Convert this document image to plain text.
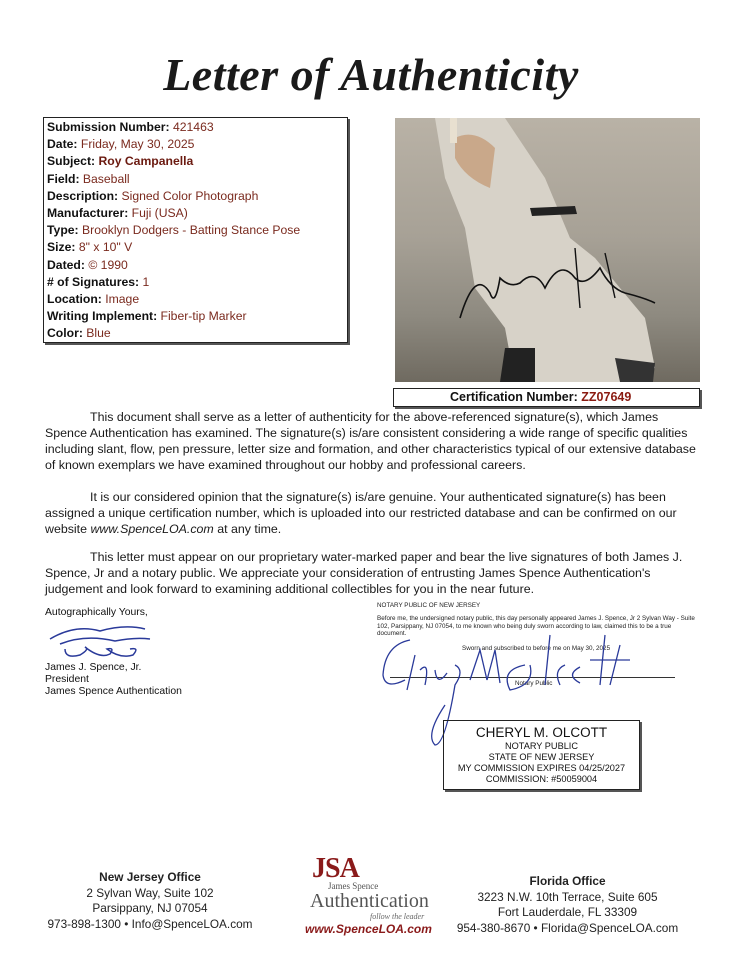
Letter of Authenticity
Submission Number: 421463
Date: Friday, May 30, 2025
Subject: Roy Campanella
Field: Baseball
Description: Signed Color Photograph
Manufacturer: Fuji (USA)
Type: Brooklyn Dodgers - Batting Stance Pose
Size: 8" x 10" V
Dated: © 1990
# of Signatures: 1
Location: Image
Writing Implement: Fiber-tip Marker
Color: Blue
Certification Number: ZZ07649
This document shall serve as a letter of authenticity for the above-referenced signature(s), which James Spence Authentication has examined. The signature(s) is/are consistent considering a wide range of specific qualities including slant, flow, pen pressure, letter size and formation, and other characteristics typical of our extensive database of known exemplars we have examined throughout our hobby and professional careers.
It is our considered opinion that the signature(s) is/are genuine. Your authenticated signature(s) has been assigned a unique certification number, which is uploaded into our restricted database and can be confirmed on our website www.SpenceLOA.com at any time.
This letter must appear on our proprietary water-marked paper and bear the live signatures of both James J. Spence, Jr and a notary public. We appreciate your consideration of entrusting James Spence Authentication's judgement and look forward to examining additional collectibles for you in the near future.
Autographically Yours,
James J. Spence, Jr.
President
James Spence Authentication
NOTARY PUBLIC OF NEW JERSEY
Before me, the undersigned notary public, this day personally appeared James J. Spence, Jr 2 Sylvan Way - Suite 102, Parsippany, NJ 07054, to me known who being duly sworn according to law, claimed this to be a true document.
Sworn and subscribed to before me on May 30, 2025
Notary Public
CHERYL M. OLCOTT
NOTARY PUBLIC
STATE OF NEW JERSEY
MY COMMISSION EXPIRES 04/25/2027
COMMISSION: #50059004
New Jersey Office
2 Sylvan Way, Suite 102
Parsippany, NJ 07054
973-898-1300 • Info@SpenceLOA.com
JSA
James Spence
Authentication
follow the leader
www.SpenceLOA.com
Florida Office
3223 N.W. 10th Terrace, Suite 605
Fort Lauderdale, FL 33309
954-380-8670 • Florida@SpenceLOA.com
